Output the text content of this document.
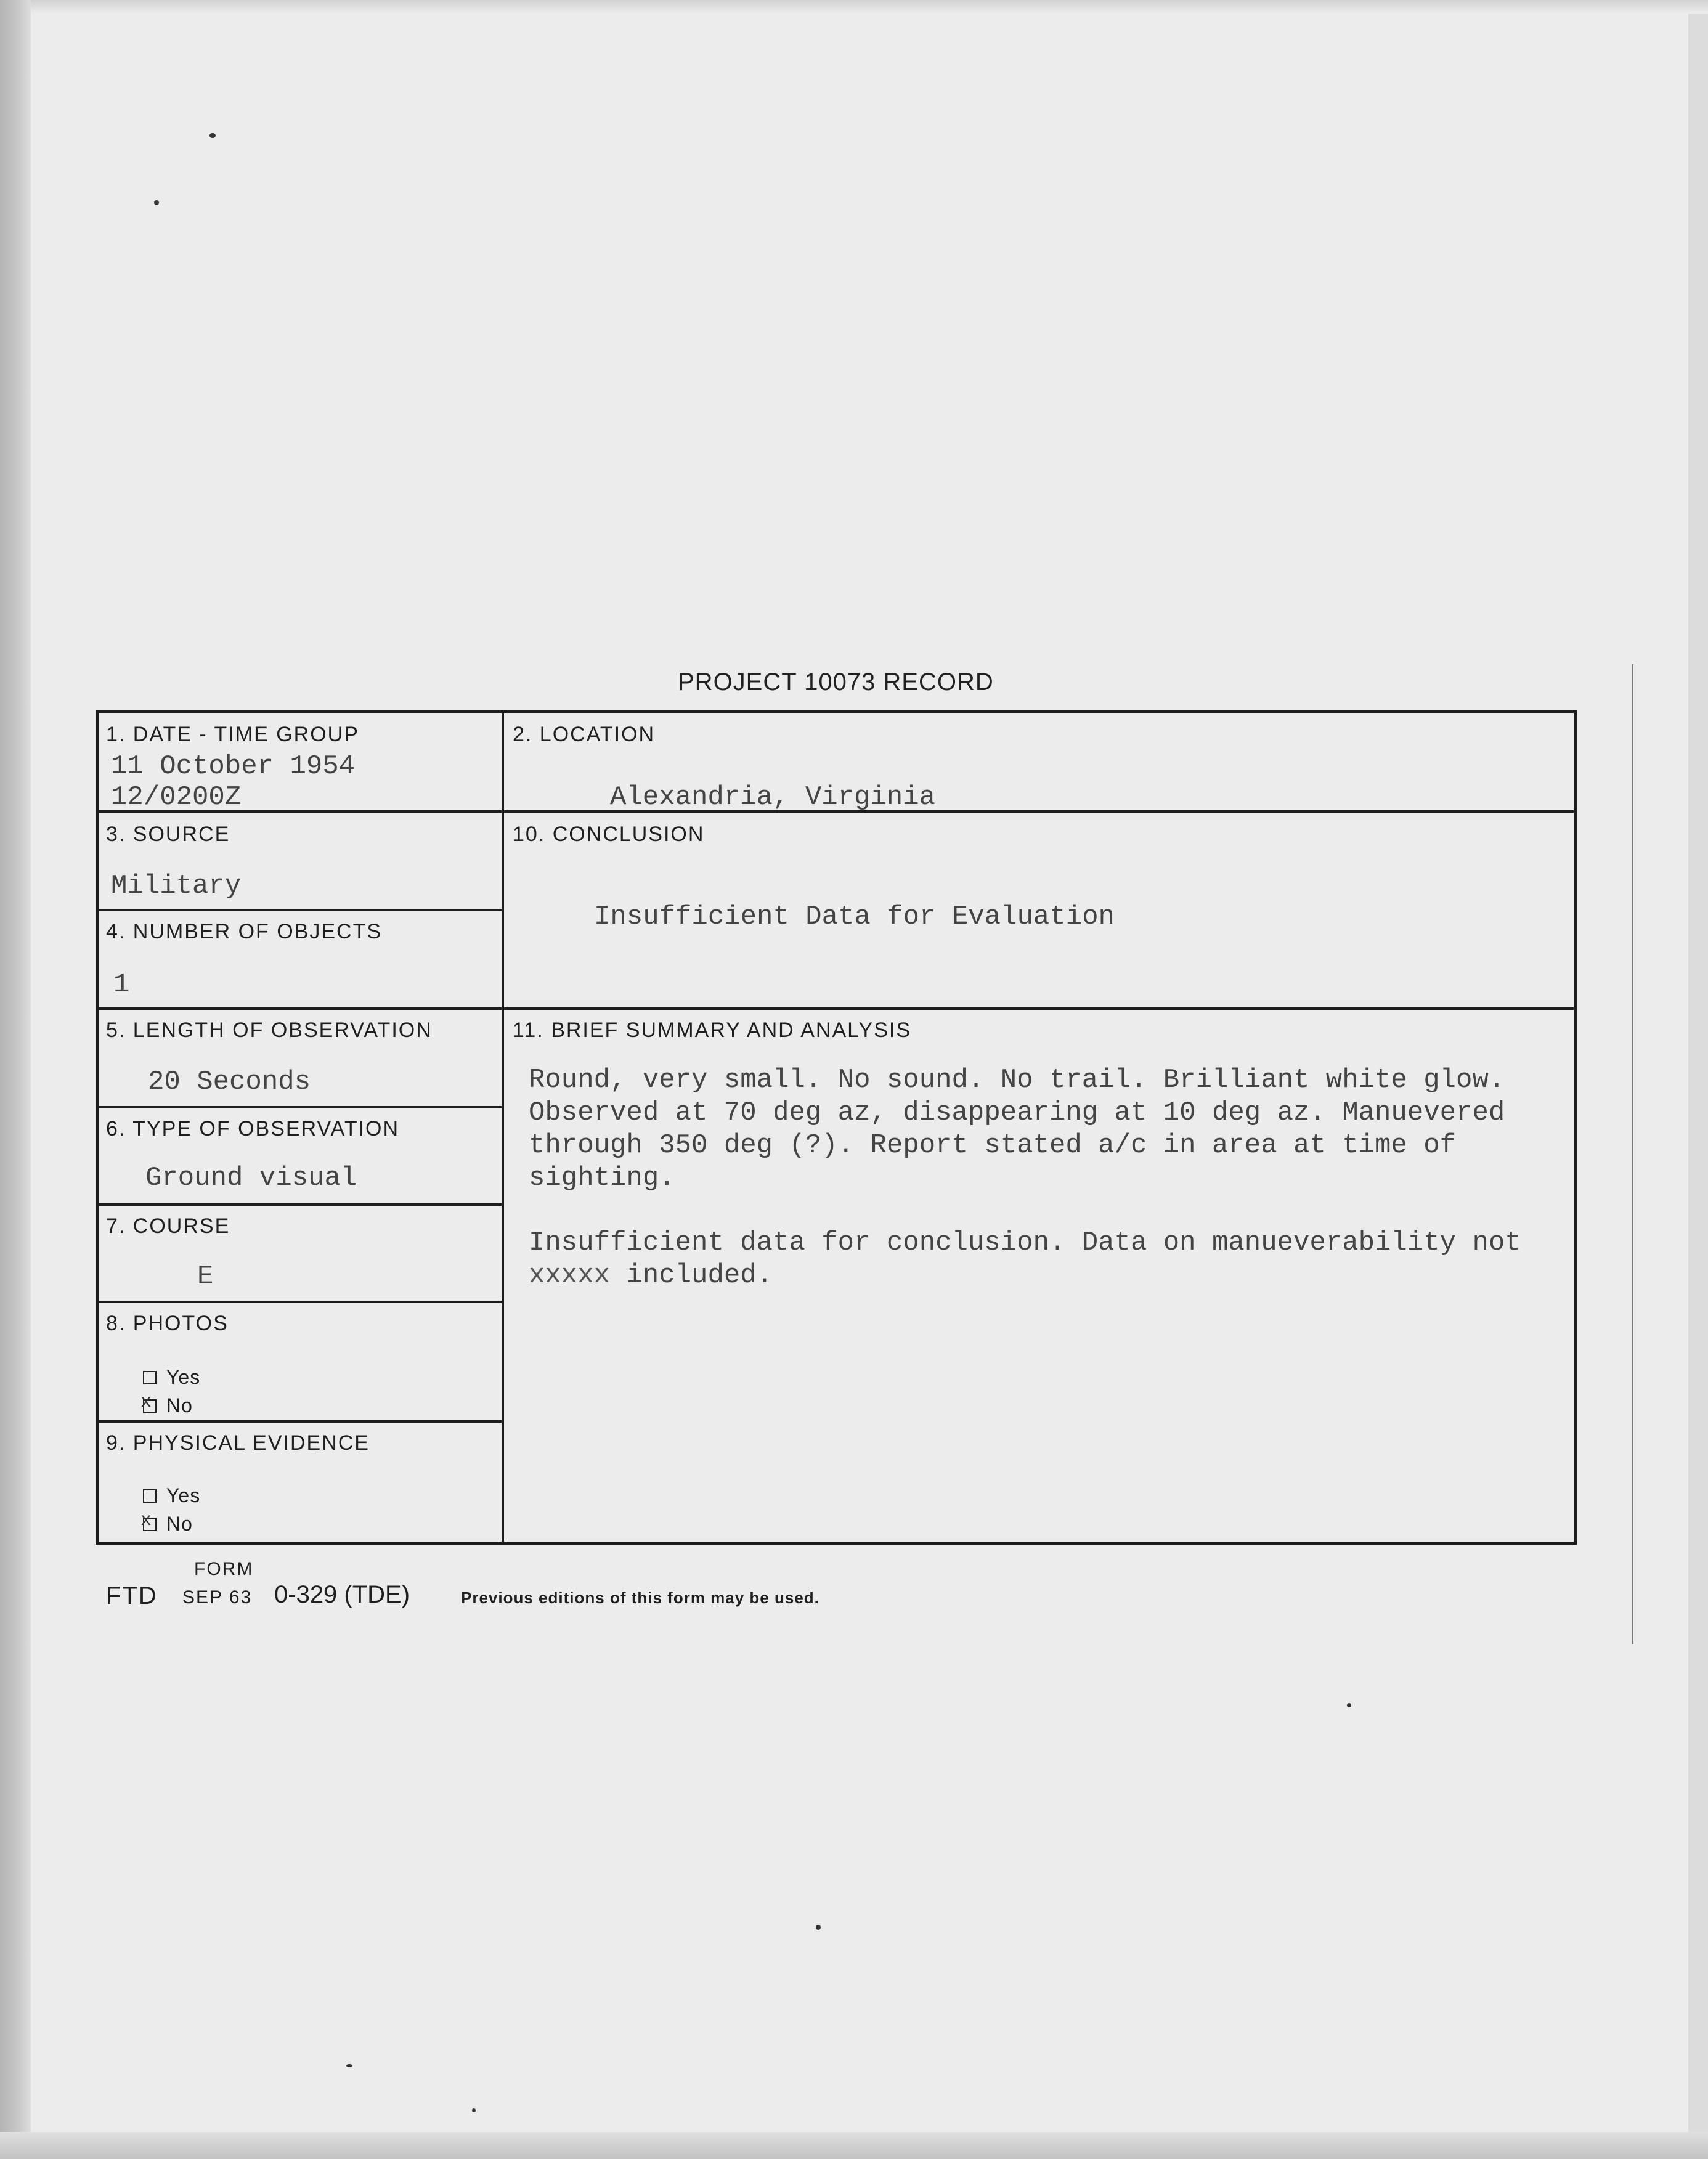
PROJECT 10073 RECORD
1. DATE - TIME GROUP
11 October 1954
12/0200Z
2. LOCATION
Alexandria, Virginia
3. SOURCE
Military
10. CONCLUSION
Insufficient Data for Evaluation
4. NUMBER OF OBJECTS
1
5. LENGTH OF OBSERVATION
20 Seconds
11. BRIEF SUMMARY AND ANALYSIS

Round, very small. No sound. No trail. Brilliant white glow. Observed at 70 deg az, disappearing at 10 deg az. Manuevered through 350 deg (?). Report stated a/c in area at time of sighting.

Insufficient data for conclusion. Data on manueverability not xxxxx included.

6. TYPE OF OBSERVATION
Ground visual
7. COURSE
E
8. PHOTOS
Yes
xNo
9. PHYSICAL EVIDENCE
Yes
xNo
FORM
FTD SEP 63 0-329 (TDE)	Previous editions of this form may be used.
